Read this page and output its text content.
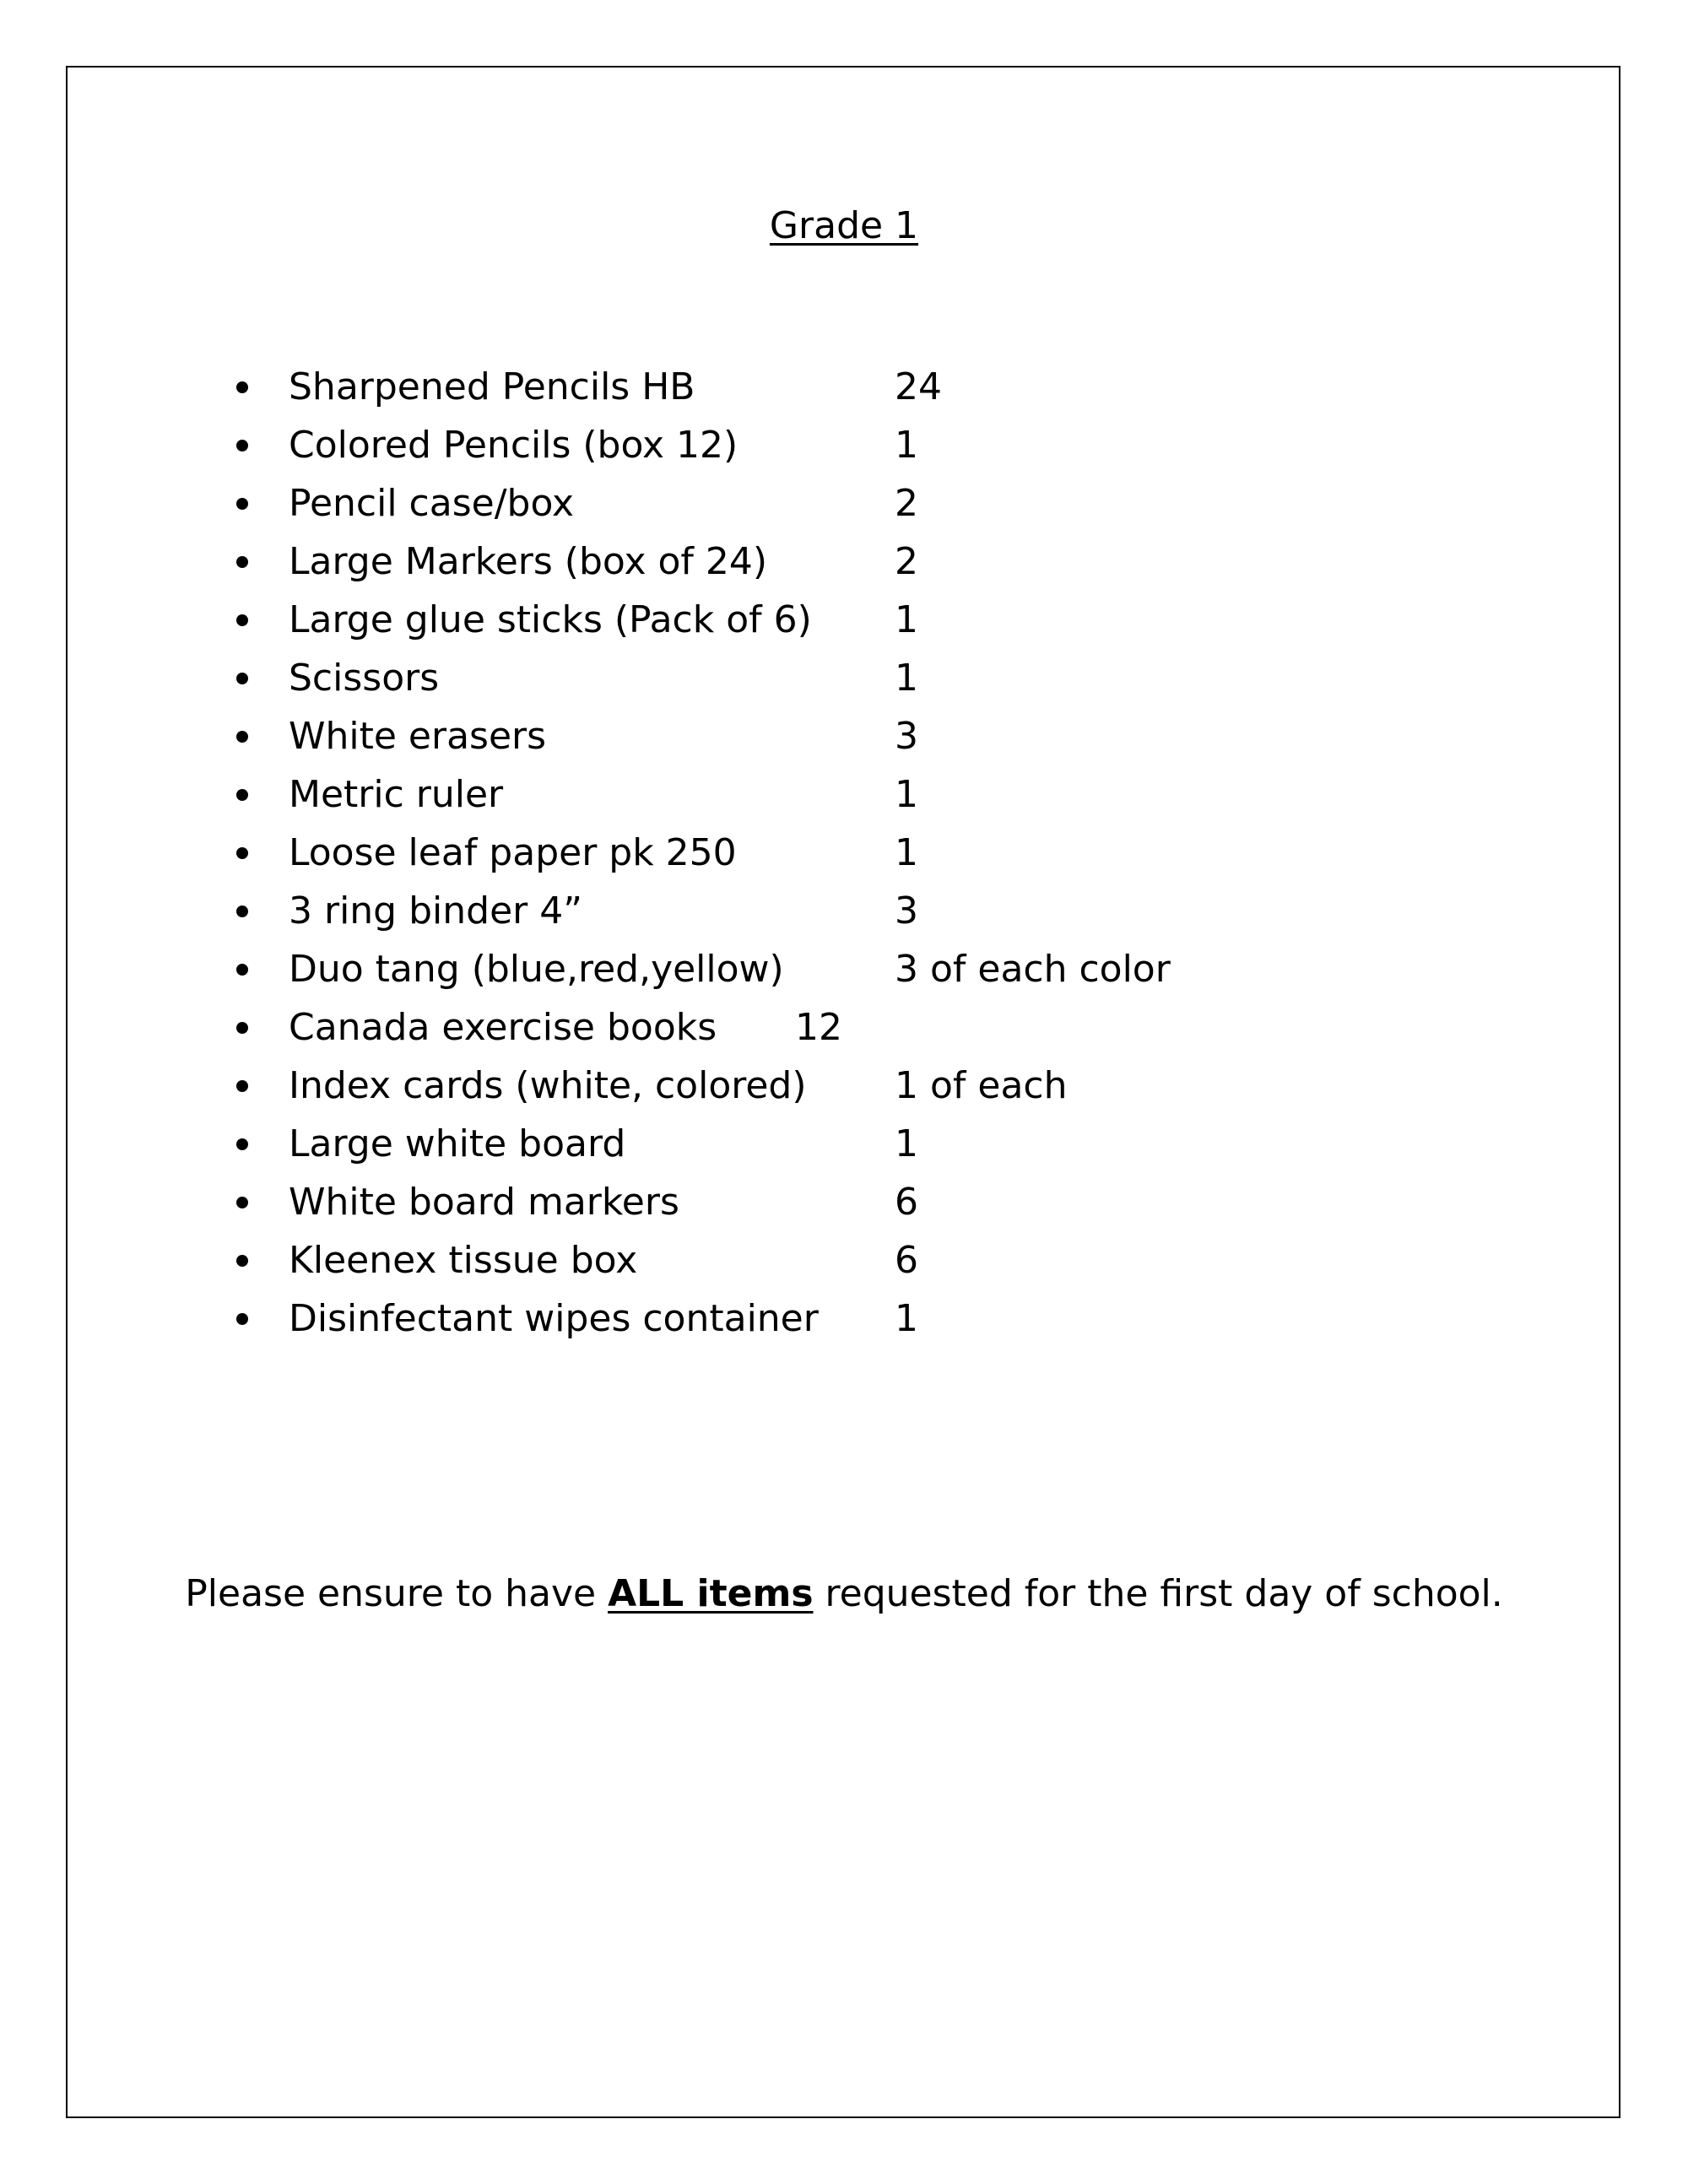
Grade 1
Sharpened Pencils HB	24
Colored Pencils (box 12)	1
Pencil case/box	2
Large Markers (box of 24)	2
Large glue sticks (Pack of 6) 1
Scissors	1
White erasers	3
Metric ruler	1
Loose leaf paper pk 250	1
3 ring binder 4”	3
Duo tang (blue,red,yellow)	3 of each color
Canada exercise books 12
Index cards (white, colored) 1 of each
Large white board	1
White board markers	6
Kleenex tissue box	6
Disinfectant wipes container 1

Please ensure to have ALL items requested for the first day of school.
